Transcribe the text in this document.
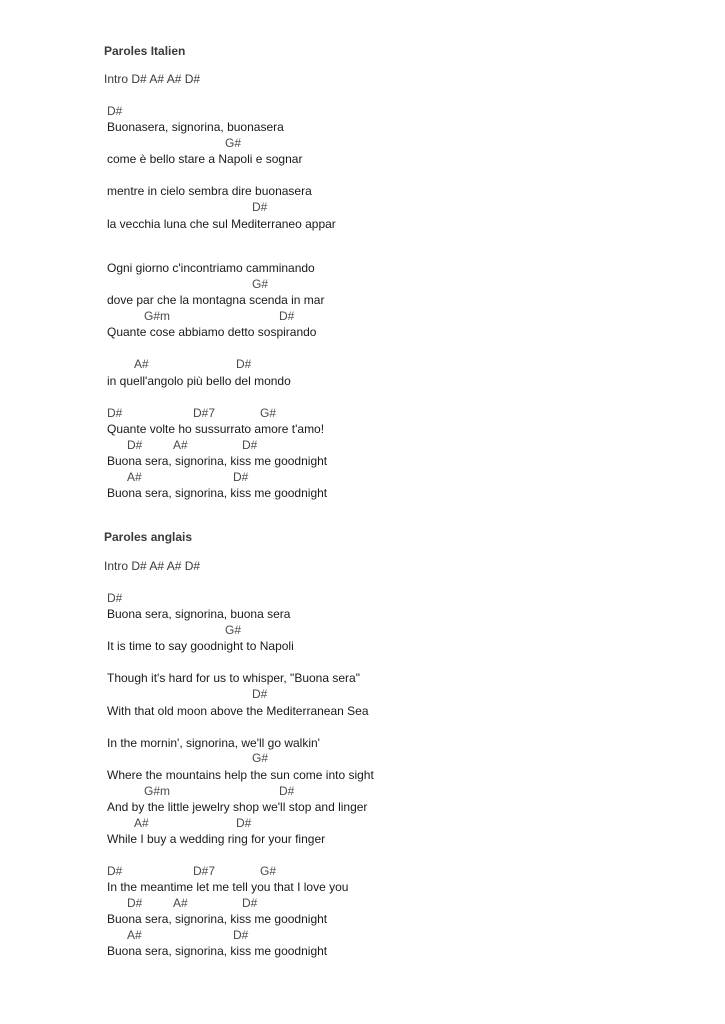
Paroles Italien
Intro D# A# A# D#
D#
Buonasera, signorina, buonasera
G#
come è bello stare a Napoli e sognar
mentre in cielo sembra dire buonasera
D#
la vecchia luna che sul Mediterraneo appar
Ogni giorno c'incontriamo camminando
G#
dove par che la montagna scenda in mar
G#m	D#
Quante cose abbiamo detto sospirando
A#	D#
in quell'angolo più bello del mondo
D#	D#7	G#
Quante volte ho sussurrato amore t'amo!
D#	A#	D#
Buona sera, signorina, kiss me goodnight
A#	D#
Buona sera, signorina, kiss me goodnight
Paroles anglais
Intro D# A# A# D#
D#
Buona sera, signorina, buona sera
G#
It is time to say goodnight to Napoli
Though it's hard for us to whisper, "Buona sera"
D#
With that old moon above the Mediterranean Sea
In the mornin', signorina, we'll go walkin'
G#
Where the mountains help the sun come into sight
G#m	D#
And by the little jewelry shop we'll stop and linger
A#	D#
While I buy a wedding ring for your finger
D#	D#7	G#
In the meantime let me tell you that I love you
D#	A#	D#
Buona sera, signorina, kiss me goodnight
A#	D#
Buona sera, signorina, kiss me goodnight
